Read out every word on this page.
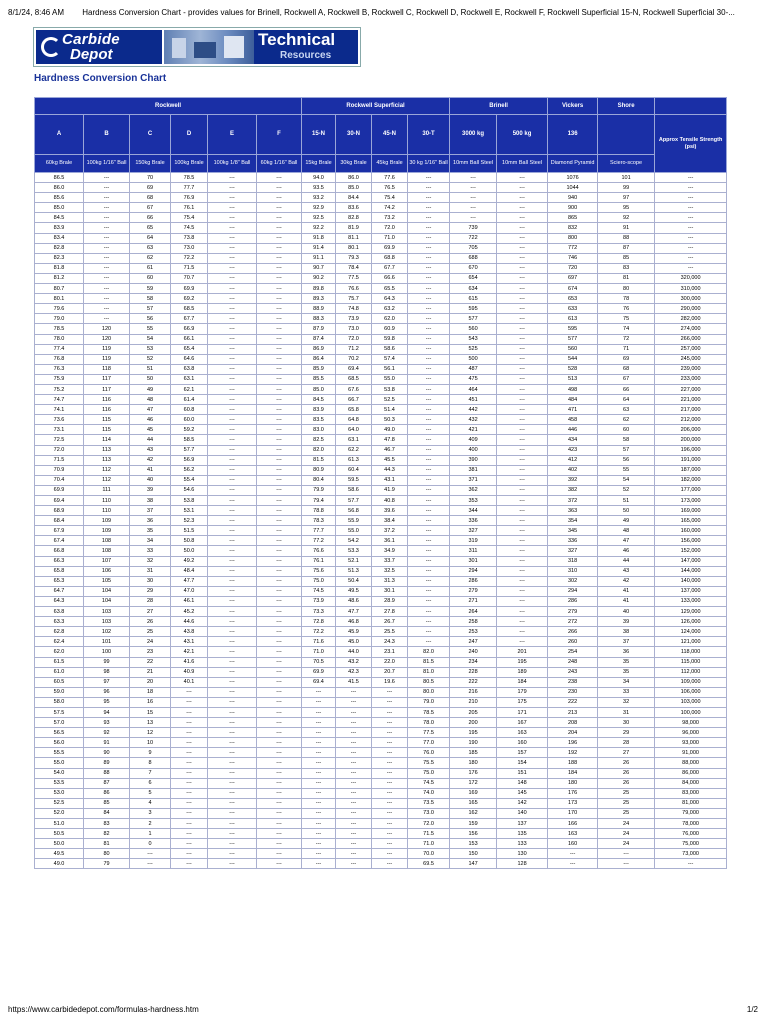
8/1/24, 8:46 AM Hardness Conversion Chart - provides values for Brinell, Rockwell A, Rockwell B, Rockwell C, Rockwell D, Rockwell E, Rockwell F, Rockwell Superficial 15-N, Rockwell Superficial 30-...
Carbide
Depot
Technical
Resources
Hardness Conversion Chart
Rockwell						Rockwell Superficial				Brinell		Vickers	Shore	
A	B	C	D	E	F	15-N	30-N	45-N	30-T	3000 kg	500 kg	136		Approx Tensile Strength (psi)
60kg Brale	100kg 1/16" Ball	150kg Brale	100kg Brale	100kg 1/8" Ball	60kg 1/16" Ball	15kg Brale	30kg Brale	45kg Brale	30 kg 1/16" Ball	10mm Ball Steel	10mm Ball Steel	Diamond Pyramid	Sciero-scope	
86.5	---	70	78.5	---	---	94.0	86.0	77.6	---	---	---	1076	101	---
86.0	---	69	77.7	---	---	93.5	85.0	76.5	---	---	---	1044	99	---
85.6	---	68	76.9	---	---	93.2	84.4	75.4	---	---	---	940	97	---
85.0	---	67	76.1	---	---	92.9	83.6	74.2	---	---	---	900	95	---
84.5	---	66	75.4	---	---	92.5	82.8	73.2	---	---	---	865	92	---
83.9	---	65	74.5	---	---	92.2	81.9	72.0	---	739	---	832	91	---
83.4	---	64	73.8	---	---	91.8	81.1	71.0	---	722	---	800	88	---
82.8	---	63	73.0	---	---	91.4	80.1	69.9	---	705	---	772	87	---
82.3	---	62	72.2	---	---	91.1	79.3	68.8	---	688	---	746	85	---
81.8	---	61	71.5	---	---	90.7	78.4	67.7	---	670	---	720	83	---
81.2	---	60	70.7	---	---	90.2	77.5	66.6	---	654	---	697	81	320,000
80.7	---	59	69.9	---	---	89.8	76.6	65.5	---	634	---	674	80	310,000
80.1	---	58	69.2	---	---	89.3	75.7	64.3	---	615	---	653	78	300,000
79.6	---	57	68.5	---	---	88.9	74.8	63.2	---	595	---	633	76	290,000
79.0	---	56	67.7	---	---	88.3	73.9	62.0	---	577	---	613	75	282,000
78.5	120	55	66.9	---	---	87.9	73.0	60.9	---	560	---	595	74	274,000
78.0	120	54	66.1	---	---	87.4	72.0	59.8	---	543	---	577	72	266,000
77.4	119	53	65.4	---	---	86.9	71.2	58.6	---	525	---	560	71	257,000
76.8	119	52	64.6	---	---	86.4	70.2	57.4	---	500	---	544	69	245,000
76.3	118	51	63.8	---	---	85.9	69.4	56.1	---	487	---	528	68	239,000
75.9	117	50	63.1	---	---	85.5	68.5	55.0	---	475	---	513	67	233,000
75.2	117	49	62.1	---	---	85.0	67.6	53.8	---	464	---	498	66	227,000
74.7	116	48	61.4	---	---	84.5	66.7	52.5	---	451	---	484	64	221,000
74.1	116	47	60.8	---	---	83.9	65.8	51.4	---	442	---	471	63	217,000
73.6	115	46	60.0	---	---	83.5	64.8	50.3	---	432	---	458	62	212,000
73.1	115	45	59.2	---	---	83.0	64.0	49.0	---	421	---	446	60	206,000
72.5	114	44	58.5	---	---	82.5	63.1	47.8	---	409	---	434	58	200,000
72.0	113	43	57.7	---	---	82.0	62.2	46.7	---	400	---	423	57	196,000
71.5	113	42	56.9	---	---	81.5	61.3	45.5	---	390	---	412	56	191,000
70.9	112	41	56.2	---	---	80.9	60.4	44.3	---	381	---	402	55	187,000
70.4	112	40	55.4	---	---	80.4	59.5	43.1	---	371	---	392	54	182,000
69.9	111	39	54.6	---	---	79.9	58.6	41.9	---	362	---	382	52	177,000
69.4	110	38	53.8	---	---	79.4	57.7	40.8	---	353	---	372	51	173,000
68.9	110	37	53.1	---	---	78.8	56.8	39.6	---	344	---	363	50	169,000
68.4	109	36	52.3	---	---	78.3	55.9	38.4	---	336	---	354	49	165,000
67.9	109	35	51.5	---	---	77.7	55.0	37.2	---	327	---	345	48	160,000
67.4	108	34	50.8	---	---	77.2	54.2	36.1	---	319	---	336	47	156,000
66.8	108	33	50.0	---	---	76.6	53.3	34.9	---	311	---	327	46	152,000
66.3	107	32	49.2	---	---	76.1	52.1	33.7	---	301	---	318	44	147,000
65.8	106	31	48.4	---	---	75.6	51.3	32.5	---	294	---	310	43	144,000
65.3	105	30	47.7	---	---	75.0	50.4	31.3	---	286	---	302	42	140,000
64.7	104	29	47.0	---	---	74.5	49.5	30.1	---	279	---	294	41	137,000
64.3	104	28	46.1	---	---	73.9	48.6	28.9	---	271	---	286	41	133,000
63.8	103	27	45.2	---	---	73.3	47.7	27.8	---	264	---	279	40	129,000
63.3	103	26	44.6	---	---	72.8	46.8	26.7	---	258	---	272	39	126,000
62.8	102	25	43.8	---	---	72.2	45.9	25.5	---	253	---	266	38	124,000
62.4	101	24	43.1	---	---	71.6	45.0	24.3	---	247	---	260	37	121,000
62.0	100	23	42.1	---	---	71.0	44.0	23.1	82.0	240	201	254	36	118,000
61.5	99	22	41.6	---	---	70.5	43.2	22.0	81.5	234	195	248	35	115,000
61.0	98	21	40.9	---	---	69.9	42.3	20.7	81.0	228	189	243	35	112,000
60.5	97	20	40.1	---	---	69.4	41.5	19.6	80.5	222	184	238	34	109,000
59.0	96	18	---	---	---	---	---	---	80.0	216	179	230	33	106,000
58.0	95	16	---	---	---	---	---	---	79.0	210	175	222	32	103,000
57.5	94	15	---	---	---	---	---	---	78.5	205	171	213	31	100,000
57.0	93	13	---	---	---	---	---	---	78.0	200	167	208	30	98,000
56.5	92	12	---	---	---	---	---	---	77.5	195	163	204	29	96,000
56.0	91	10	---	---	---	---	---	---	77.0	190	160	196	28	93,000
55.5	90	9	---	---	---	---	---	---	76.0	185	157	192	27	91,000
55.0	89	8	---	---	---	---	---	---	75.5	180	154	188	26	88,000
54.0	88	7	---	---	---	---	---	---	75.0	176	151	184	26	86,000
53.5	87	6	---	---	---	---	---	---	74.5	172	148	180	26	84,000
53.0	86	5	---	---	---	---	---	---	74.0	169	145	176	25	83,000
52.5	85	4	---	---	---	---	---	---	73.5	165	142	173	25	81,000
52.0	84	3	---	---	---	---	---	---	73.0	162	140	170	25	79,000
51.0	83	2	---	---	---	---	---	---	72.0	159	137	166	24	78,000
50.5	82	1	---	---	---	---	---	---	71.5	156	135	163	24	76,000
50.0	81	0	---	---	---	---	---	---	71.0	153	133	160	24	75,000
49.5	80	---	---	---	---	---	---	---	70.0	150	130	---	---	73,000
49.0	79	---	---	---	---	---	---	---	69.5	147	128	---	---	---
https://www.carbidedepot.com/formulas-hardness.htm	1/2
